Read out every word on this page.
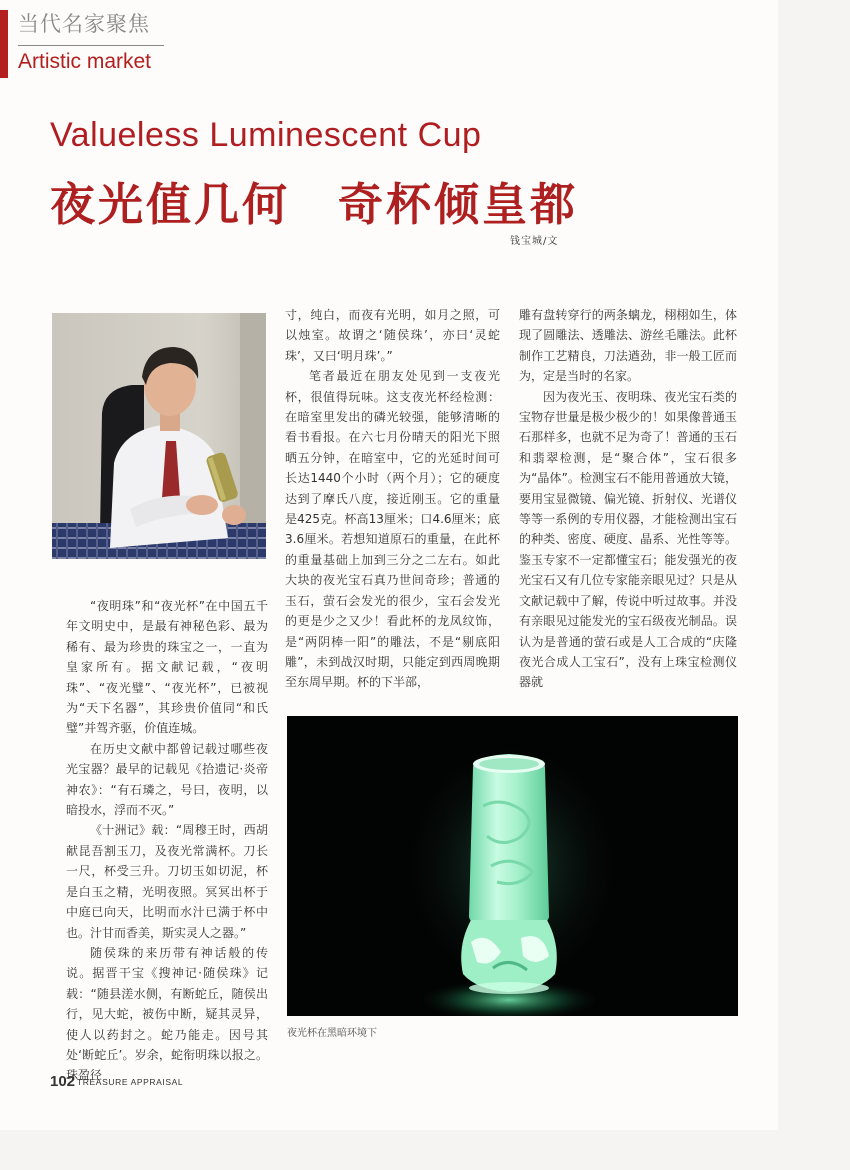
当代名家聚焦
Artistic market
Valueless Luminescent Cup
夜光值几何　奇杯倾皇都
钱宝城/文

“夜明珠”和“夜光杯”在中国五千年文明史中，是最有神秘色彩、最为稀有、最为珍贵的珠宝之一，一直为皇家所有。据文献记载，“夜明珠”、“夜光璧”、“夜光杯”，已被视为“天下名器”，其珍贵价值同“和氏璧”并驾齐驱，价值连城。

在历史文献中都曾记载过哪些夜光宝器？最早的记载见《拾遗记·炎帝神农》：“有石璘之，号曰，夜明，以暗投水，浮而不灭。”

《十洲记》载：“周穆王时，西胡献昆吾割玉刀，及夜光常满杯。刀长一尺，杯受三升。刀切玉如切泥，杯是白玉之精，光明夜照。冥冥出杯于中庭已向天，比明而水汁已满于杯中也。汁甘而香美，斯实灵人之器。”

随侯珠的来历带有神话般的传说。据晋干宝《搜神记·随侯珠》记载：“随县溠水侧，有断蛇丘，随侯出行，见大蛇，被伤中断，疑其灵异，使人以药封之。蛇乃能走。因号其处‘断蛇丘’。岁余，蛇衔明珠以报之。珠盈径

寸，纯白，而夜有光明，如月之照，可以烛室。故谓之‘随侯珠’，亦曰‘灵蛇珠’，又曰‘明月珠’。”

笔者最近在朋友处见到一支夜光杯，很值得玩味。这支夜光杯经检测：在暗室里发出的磷光较强，能够清晰的看书看报。在六七月份晴天的阳光下照晒五分钟，在暗室中，它的光延时间可长达1440个小时（两个月）；它的硬度达到了摩氏八度，接近刚玉。它的重量是425克。杯高13厘米；口4.6厘米；底3.6厘米。若想知道原石的重量，在此杯的重量基础上加到三分之二左右。如此大块的夜光宝石真乃世间奇珍；普通的玉石，萤石会发光的很少，宝石会发光的更是少之又少！看此杯的龙凤纹饰，是“两阴棒一阳”的雕法，不是“剔底阳雕”，未到战汉时期，只能定到西周晚期至东周早期。杯的下半部，

雕有盘转穿行的两条螭龙，栩栩如生，体现了圆雕法、透雕法、游丝毛雕法。此杯制作工艺精良，刀法遒劲，非一般工匠而为，定是当时的名家。

因为夜光玉、夜明珠、夜光宝石类的宝物存世量是极少极少的！如果像普通玉石那样多，也就不足为奇了！普通的玉石和翡翠检测，是“聚合体”，宝石很多为“晶体”。检测宝石不能用普通放大镜，要用宝显微镜、偏光镜、折射仪、光谱仪等等一系例的专用仪器，才能检测出宝石的种类、密度、硬度、晶系、光性等等。鉴玉专家不一定都懂宝石；能发强光的夜光宝石又有几位专家能亲眼见过？只是从文献记载中了解，传说中听过故事。并没有亲眼见过能发光的宝石级夜光制品。误认为是普通的萤石或是人工合成的“庆隆夜光合成人工宝石”，没有上珠宝检测仪器就

夜光杯在黑暗环境下
102 TREASURE APPRAISAL
